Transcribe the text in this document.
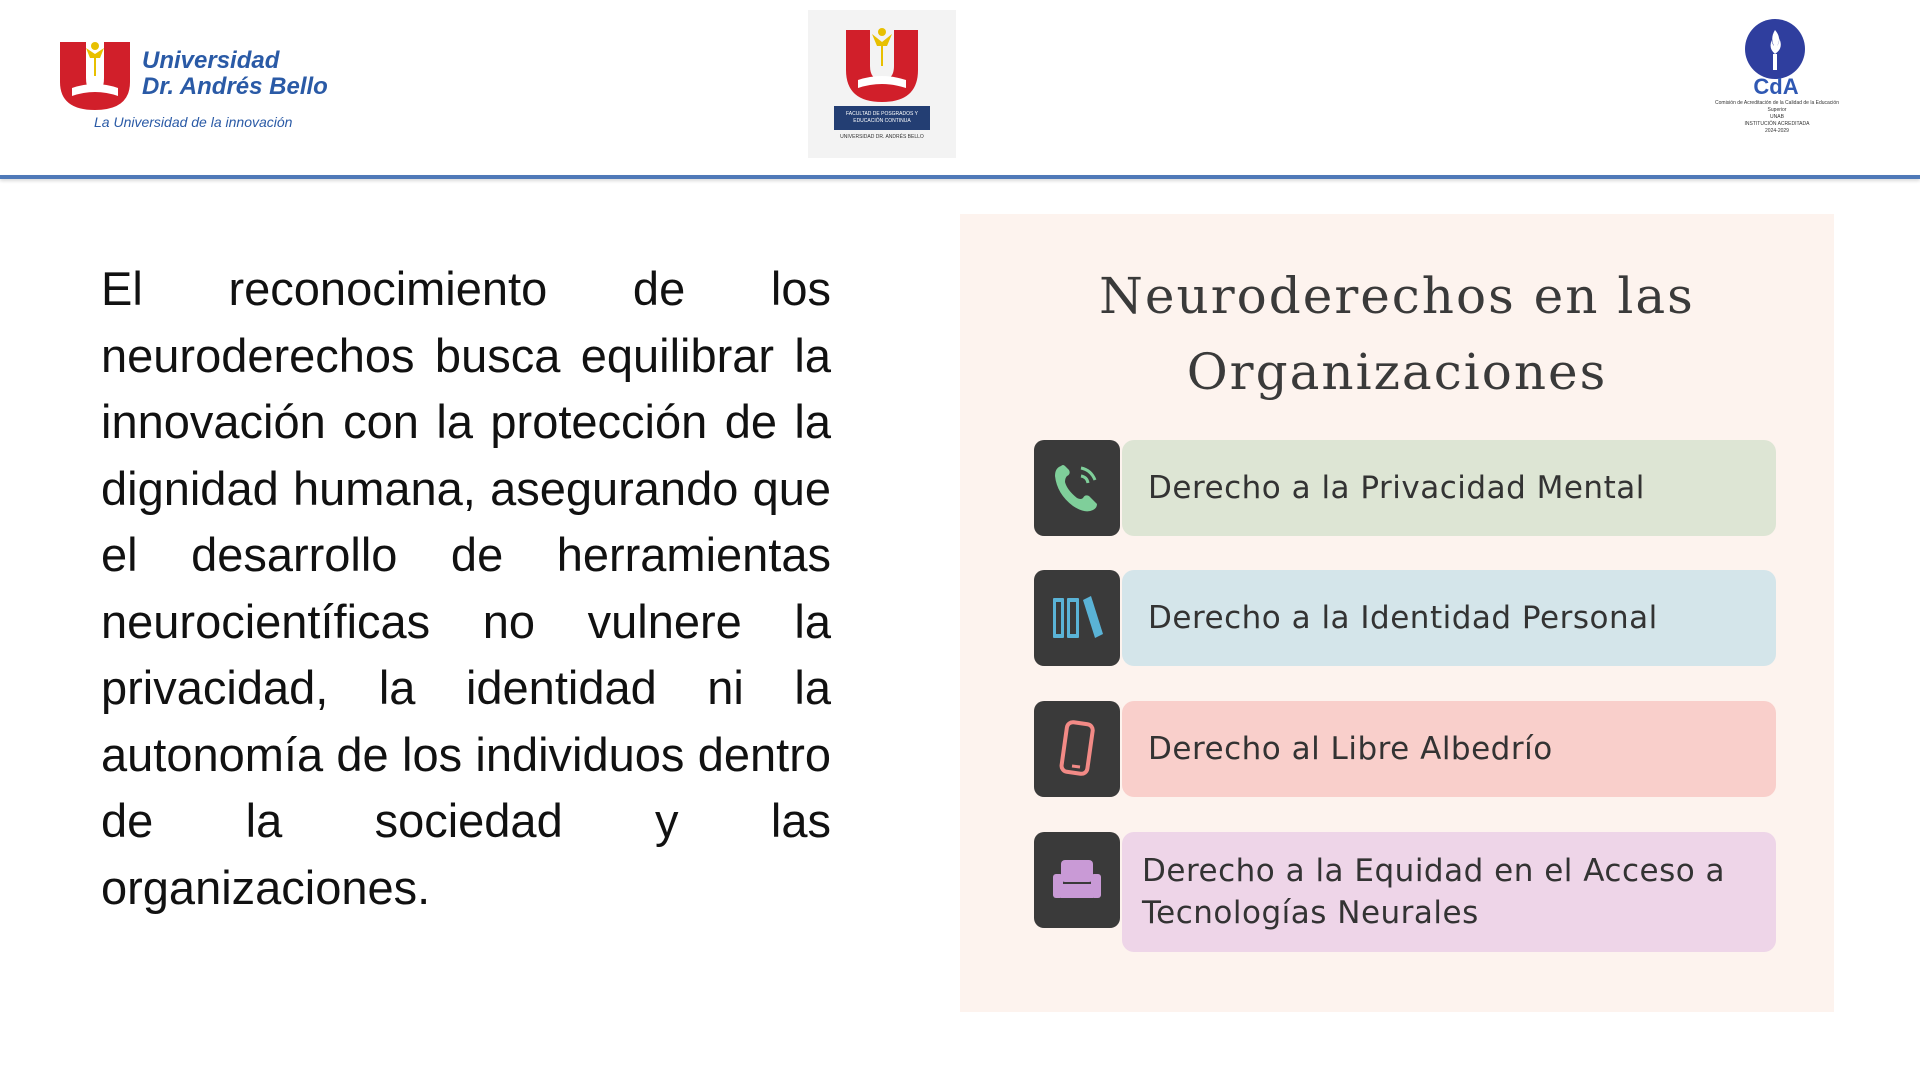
Universidad
Dr. Andrés Bello
La Universidad de la innovación	FACULTAD DE POSGRADOS Y EDUCACIÓN CONTINUA
UNIVERSIDAD DR. ANDRÉS BELLO
CdA
Comisión de Acreditación de la Calidad de la Educación Superior
UNAB
INSTITUCIÓN ACREDITADA
2024-2029
El reconocimiento de los neuroderechos busca equilibrar la innovación con la protección de la dignidad humana, asegurando que el desarrollo de herramientas neurocientíficas no vulnere la privacidad, la identidad ni la autonomía de los individuos dentro de la sociedad y las organizaciones.
Neuroderechos en las
Organizaciones
Derecho a la Privacidad Mental
Derecho a la Identidad Personal
Derecho al Libre Albedrío
Derecho a la Equidad en el Acceso a Tecnologías Neurales
